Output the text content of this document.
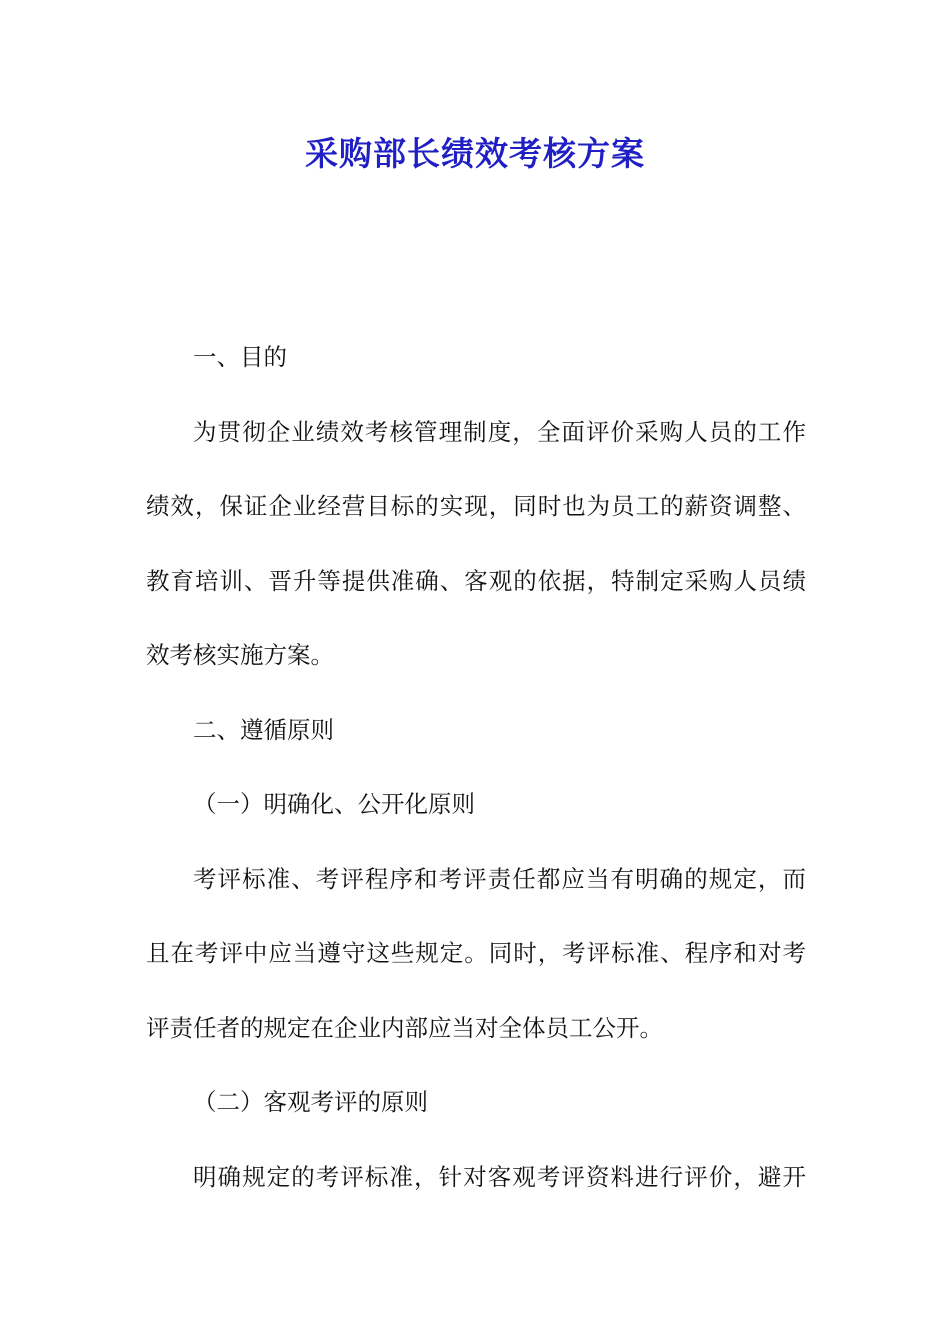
采购部长绩效考核方案
一、目的
为贯彻企业绩效考核管理制度，全面评价采购人员的工作
绩效，保证企业经营目标的实现，同时也为员工的薪资调整、
教育培训、晋升等提供准确、客观的依据，特制定采购人员绩
效考核实施方案。
二、遵循原则
（一）明确化、公开化原则
考评标准、考评程序和考评责任都应当有明确的规定，而
且在考评中应当遵守这些规定。同时，考评标准、程序和对考
评责任者的规定在企业内部应当对全体员工公开。
（二）客观考评的原则
明确规定的考评标准，针对客观考评资料进行评价，避开
